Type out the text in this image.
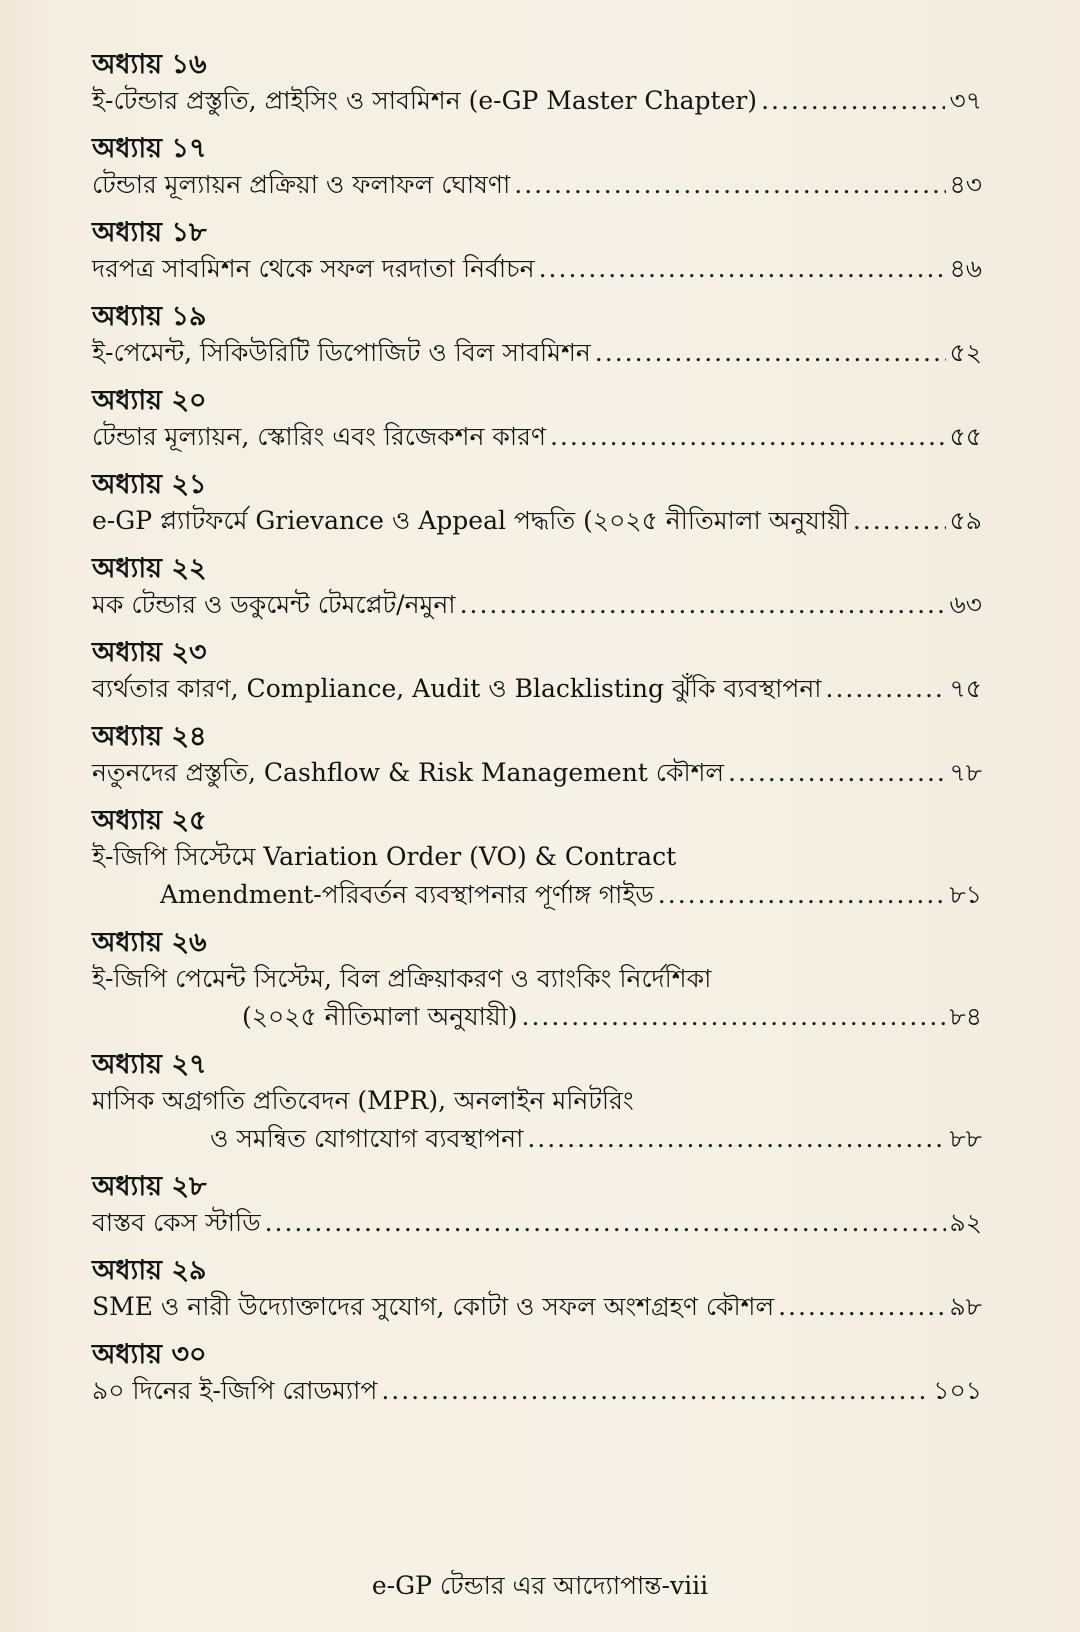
অধ্যায় ১৬
ই-টেন্ডার প্রস্তুতি, প্রাইসিং ও সাবমিশন (e-GP Master Chapter) .....	৩৭
অধ্যায় ১৭
টেন্ডার মূল্যায়ন প্রক্রিয়া ও ফলাফল ঘোষণা .....	৪৩
অধ্যায় ১৮
দরপত্র সাবমিশন থেকে সফল দরদাতা নির্বাচন .....	৪৬
অধ্যায় ১৯
ই-পেমেন্ট, সিকিউরিটি ডিপোজিট ও বিল সাবমিশন .....	৫২
অধ্যায় ২০
টেন্ডার মূল্যায়ন, স্কোরিং এবং রিজেকশন কারণ .....	৫৫
অধ্যায় ২১
e-GP প্ল্যাটফর্মে Grievance ও Appeal পদ্ধতি (২০২৫ নীতিমালা অনুযায়ী .....	৫৯
অধ্যায় ২২
মক টেন্ডার ও ডকুমেন্ট টেমপ্লেট/নমুনা .....	৬৩
অধ্যায় ২৩
ব্যর্থতার কারণ, Compliance, Audit ও Blacklisting ঝুঁকি ব্যবস্থাপনা .....	৭৫
অধ্যায় ২৪
নতুনদের প্রস্তুতি, Cashflow & Risk Management কৌশল .....	৭৮
অধ্যায় ২৫
ই-জিপি সিস্টেমে Variation Order (VO) & Contract
Amendment-পরিবর্তন ব্যবস্থাপনার পূর্ণাঙ্গ গাইড .....	৮১
অধ্যায় ২৬
ই-জিপি পেমেন্ট সিস্টেম, বিল প্রক্রিয়াকরণ ও ব্যাংকিং নির্দেশিকা
(২০২৫ নীতিমালা অনুযায়ী) .....	৮৪
অধ্যায় ২৭
মাসিক অগ্রগতি প্রতিবেদন (MPR), অনলাইন মনিটরিং
ও সমন্বিত যোগাযোগ ব্যবস্থাপনা .....	৮৮
অধ্যায় ২৮
বাস্তব কেস স্টাডি .....	৯২
অধ্যায় ২৯
SME ও নারী উদ্যোক্তাদের সুযোগ, কোটা ও সফল অংশগ্রহণ কৌশল .....	৯৮
অধ্যায় ৩০
৯০ দিনের ই-জিপি রোডম্যাপ .....	১০১
e-GP টেন্ডার এর আদ্যোপান্ত-viii
